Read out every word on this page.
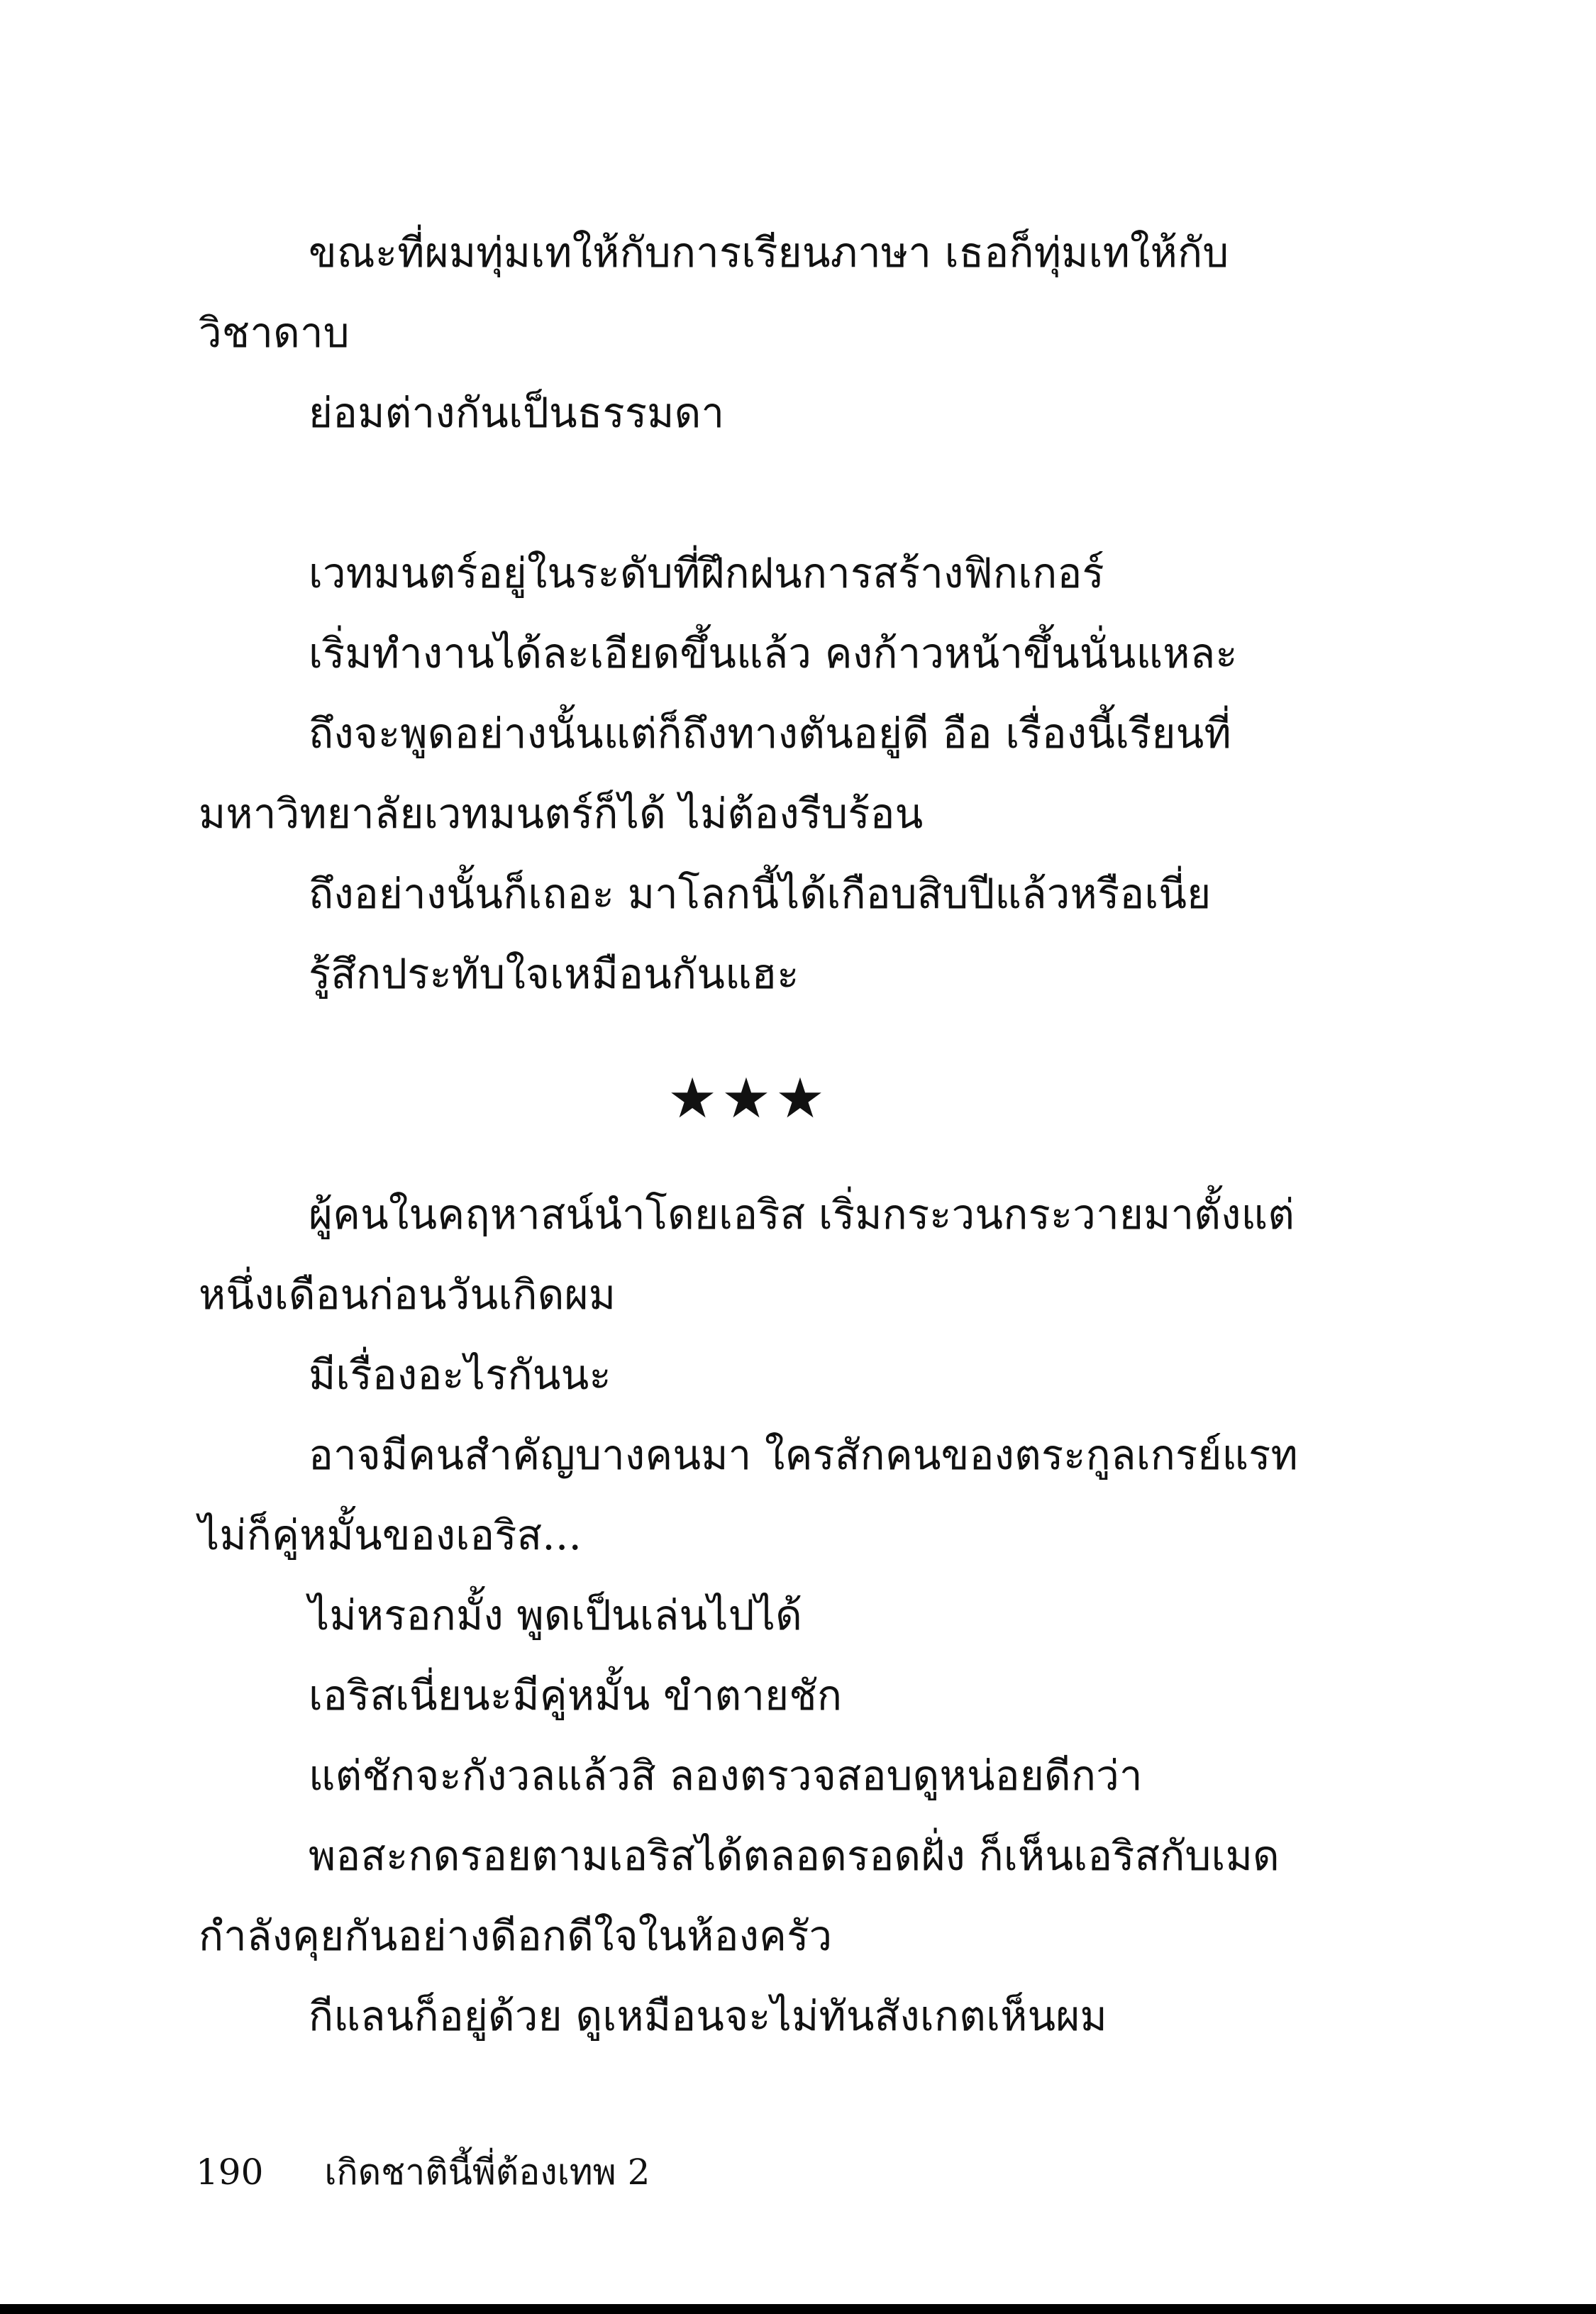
ขณะที่ผมทุ่มเทให้กับการเรียนภาษา เธอก็ทุ่มเทให้กับวิชาดาบ

ย่อมต่างกันเป็นธรรมดา

เวทมนตร์อยู่ในระดับที่ฝึกฝนการสร้างฟิกเกอร์

เริ่มทำงานได้ละเอียดขึ้นแล้ว คงก้าวหน้าขึ้นนั่นแหละ

ถึงจะพูดอย่างนั้นแต่ก็ถึงทางตันอยู่ดี อือ เรื่องนี้เรียนที่มหาวิทยาลัยเวทมนตร์ก็ได้ ไม่ต้องรีบร้อน

ถึงอย่างนั้นก็เถอะ มาโลกนี้ได้เกือบสิบปีแล้วหรือเนี่ย

รู้สึกประทับใจเหมือนกันแฮะ

★★★

ผู้คนในคฤหาสน์นำโดยเอริส เริ่มกระวนกระวายมาตั้งแต่หนึ่งเดือนก่อนวันเกิดผม

มีเรื่องอะไรกันนะ

อาจมีคนสำคัญบางคนมา ใครสักคนของตระกูลเกรย์แรท ไม่ก็คู่หมั้นของเอริส...

ไม่หรอกมั้ง พูดเป็นเล่นไปได้

เอริสเนี่ยนะมีคู่หมั้น ขำตายชัก

แต่ชักจะกังวลแล้วสิ ลองตรวจสอบดูหน่อยดีกว่า

พอสะกดรอยตามเอริสได้ตลอดรอดฝั่ง ก็เห็นเอริสกับเมดกำลังคุยกันอย่างดีอกดีใจในห้องครัว

กีแลนก็อยู่ด้วย ดูเหมือนจะไม่ทันสังเกตเห็นผม

190 เกิดชาตินี้พี่ต้องเทพ 2
